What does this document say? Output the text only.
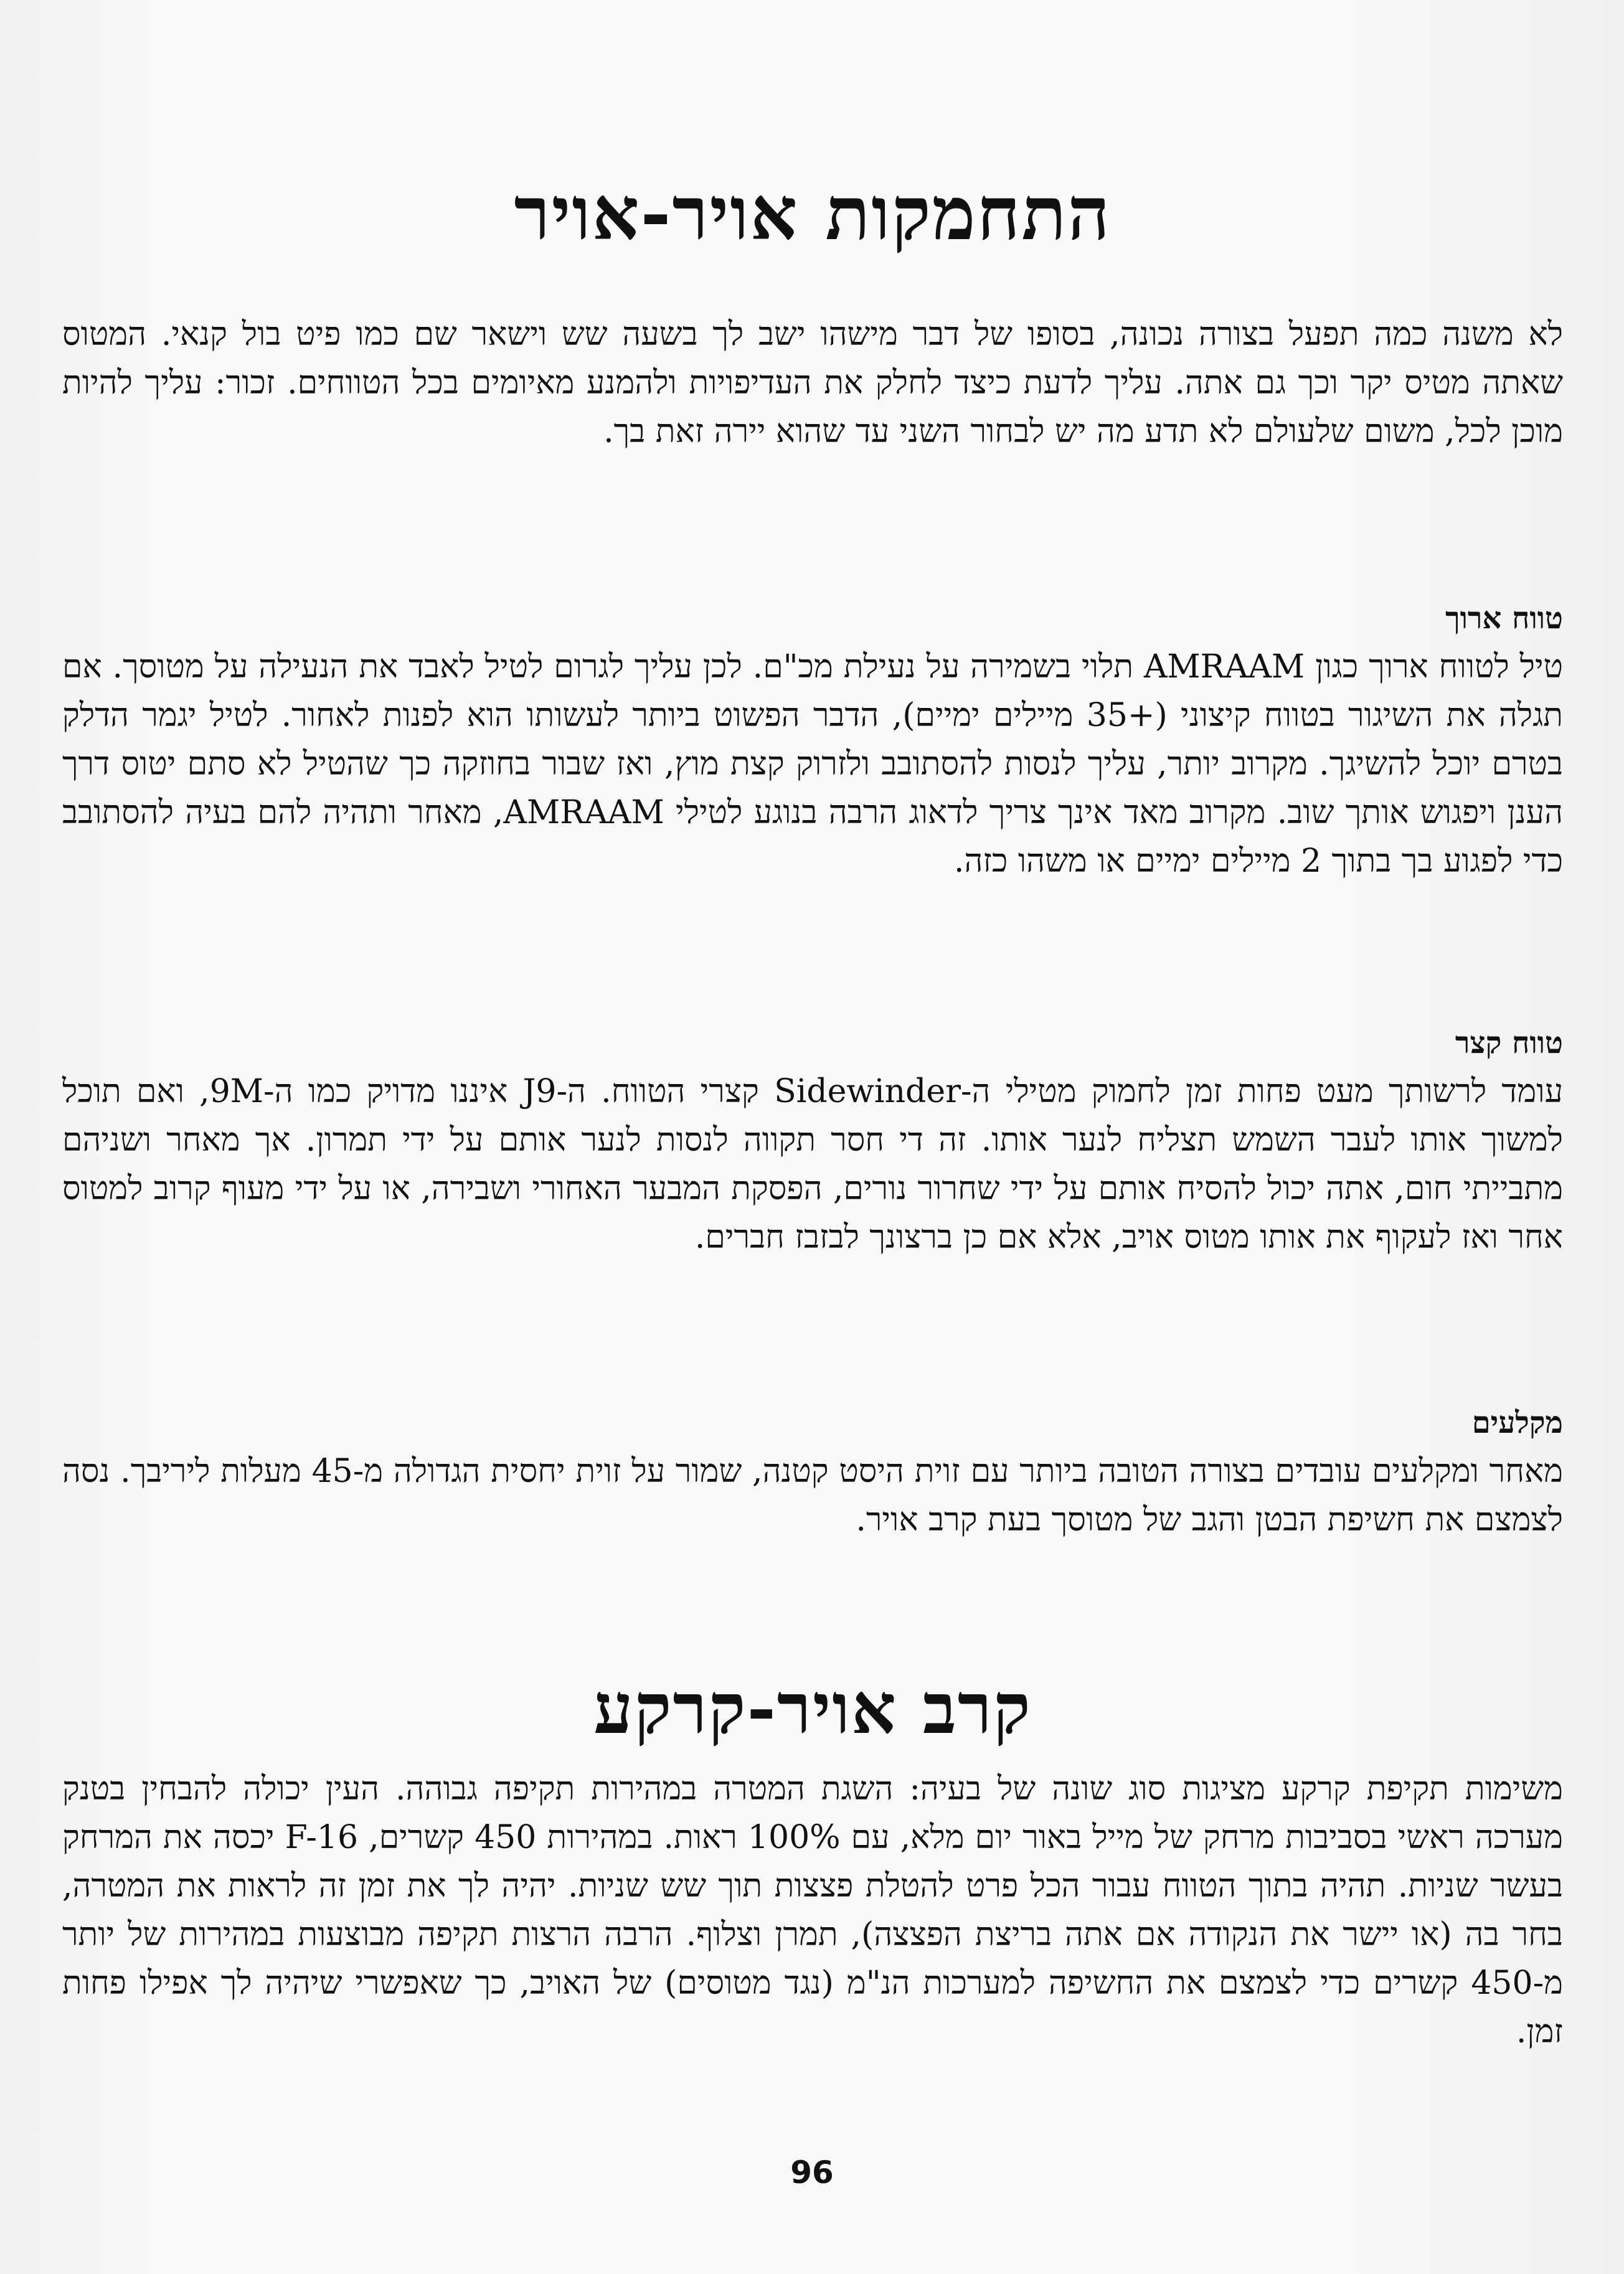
התחמקות אויר-אויר

לא משנה כמה תפעל בצורה נכונה, בסופו של דבר מישהו ישב לך בשעה שש וישאר שם כמו פיט בול קנאי. המטוס שאתה מטיס יקר וכך גם אתה. עליך לדעת כיצד לחלק את העדיפויות ולהמנע מאיומים בכל הטווחים. זכור: עליך להיות מוכן לכל, משום שלעולם לא תדע מה יש לבחור השני עד שהוא יירה זאת בך.

טווח ארוך

טיל לטווח ארוך כגון AMRAAM תלוי בשמירה על נעילת מכ"ם. לכן עליך לגרום לטיל לאבד את הנעילה על מטוסך. אם תגלה את השיגור בטווח קיצוני (+35 מיילים ימיים), הדבר הפשוט ביותר לעשותו הוא לפנות לאחור. לטיל יגמר הדלק בטרם יוכל להשיגך. מקרוב יותר, עליך לנסות להסתובב ולזרוק קצת מוץ, ואז שבור בחוזקה כך שהטיל לא סתם יטוס דרך הענן ויפגוש אותך שוב. מקרוב מאד אינך צריך לדאוג הרבה בנוגע לטילי AMRAAM, מאחר ותהיה להם בעיה להסתובב כדי לפגוע בך בתוך 2 מיילים ימיים או משהו כזה.

טווח קצר

עומד לרשותך מעט פחות זמן לחמוק מטילי ה-Sidewinder קצרי הטווח. ה-J9 איננו מדויק כמו ה-9M, ואם תוכל למשוך אותו לעבר השמש תצליח לנער אותו. זה די חסר תקווה לנסות לנער אותם על ידי תמרון. אך מאחר ושניהם מתבייתי חום, אתה יכול להסיח אותם על ידי שחרור נורים, הפסקת המבער האחורי ושבירה, או על ידי מעוף קרוב למטוס אחר ואז לעקוף את אותו מטוס אויב, אלא אם כן ברצונך לבזבז חברים.

מקלעים

מאחר ומקלעים עובדים בצורה הטובה ביותר עם זוית היסט קטנה, שמור על זוית יחסית הגדולה מ-45 מעלות ליריבך. נסה לצמצם את חשיפת הבטן והגב של מטוסך בעת קרב אויר.

קרב אויר-קרקע

משימות תקיפת קרקע מציגות סוג שונה של בעיה: השגת המטרה במהירות תקיפה גבוהה. העין יכולה להבחין בטנק מערכה ראשי בסביבות מרחק של מייל באור יום מלא, עם 100% ראות. במהירות 450 קשרים, F-16 יכסה את המרחק בעשר שניות. תהיה בתוך הטווח עבור הכל פרט להטלת פצצות תוך שש שניות. יהיה לך את זמן זה לראות את המטרה, בחר בה (או יישר את הנקודה אם אתה בריצת הפצצה), תמרן וצלוף. הרבה הרצות תקיפה מבוצעות במהירות של יותר מ-450 קשרים כדי לצמצם את החשיפה למערכות הנ"מ (נגד מטוסים) של האויב, כך שאפשרי שיהיה לך אפילו פחות זמן.

96
